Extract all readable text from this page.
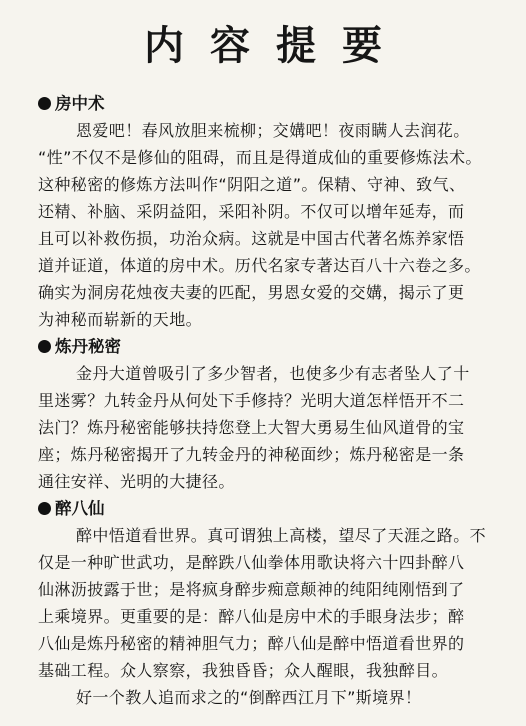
内容提要
房中术
恩爱吧！春风放胆来梳柳；交媾吧！夜雨瞒人去润花。
“性”不仅不是修仙的阻碍，而且是得道成仙的重要修炼法术。
这种秘密的修炼方法叫作“阴阳之道”。保精、守神、致气、
还精、补脑、采阴益阳，采阳补阴。不仅可以增年延寿，而
且可以补救伤损，功治众病。这就是中国古代著名炼养家悟
道并证道，体道的房中术。历代名家专著达百八十六卷之多。
确实为洞房花烛夜夫妻的匹配，男恩女爱的交媾，揭示了更
为神秘而崭新的天地。
炼丹秘密
金丹大道曾吸引了多少智者，也使多少有志者坠人了十
里迷雾？九转金丹从何处下手修持？光明大道怎样悟开不二
法门？炼丹秘密能够扶持您登上大智大勇易生仙风道骨的宝
座；炼丹秘密揭开了九转金丹的神秘面纱；炼丹秘密是一条
通往安祥、光明的大捷径。
醉八仙
醉中悟道看世界。真可谓独上高楼，望尽了天涯之路。不
仅是一种旷世武功，是醉跌八仙拳体用歌诀将六十四卦醉八
仙淋沥披露于世；是将疯身醉步痴意颠神的纯阳纯刚悟到了
上乘境界。更重要的是：醉八仙是房中术的手眼身法步；醉
八仙是炼丹秘密的精神胆气力；醉八仙是醉中悟道看世界的
基础工程。众人察察，我独昏昏；众人醒眼，我独醉目。
好一个教人追而求之的“倒醉西江月下”斯境界！
